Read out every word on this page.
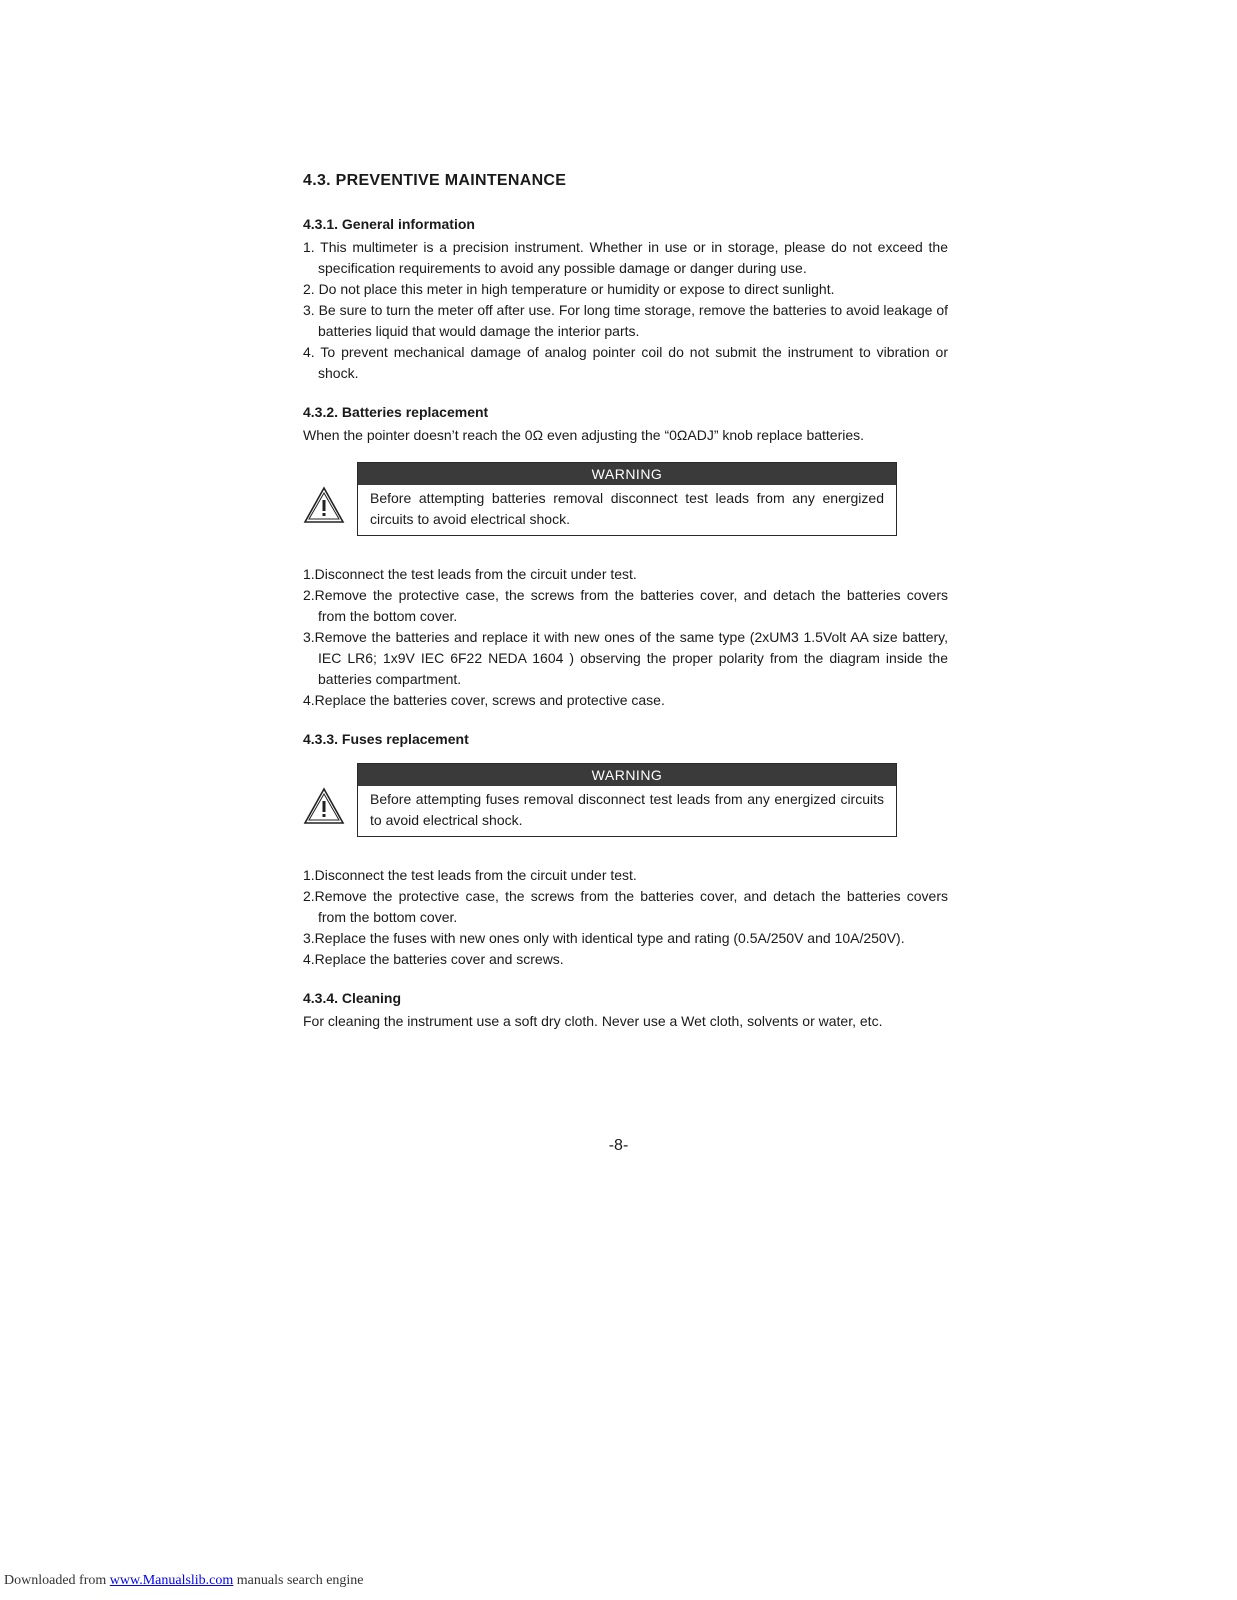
4.3. PREVENTIVE MAINTENANCE
4.3.1. General information
1. This multimeter is a precision instrument. Whether in use or in storage, please do not exceed the specification requirements to avoid any possible damage or danger during use.
2. Do not place this meter in high temperature or humidity or expose to direct sunlight.
3. Be sure to turn the meter off after use. For long time storage, remove the batteries to avoid leakage of batteries liquid that would damage the interior parts.
4. To prevent mechanical damage of analog pointer coil do not submit the instrument to vibration or shock.
4.3.2. Batteries replacement

When the pointer doesn’t reach the 0Ω even adjusting the “0ΩADJ” knob replace batteries.

WARNING
Before attempting batteries removal disconnect test leads from any energized circuits to avoid electrical shock.
1.Disconnect the test leads from the circuit under test.
2.Remove the protective case, the screws from the batteries cover, and detach the batteries covers from the bottom cover.
3.Remove the batteries and replace it with new ones of the same type (2xUM3 1.5Volt AA size battery, IEC LR6; 1x9V IEC 6F22 NEDA 1604 ) observing the proper polarity from the diagram inside the batteries compartment.
4.Replace the batteries cover, screws and protective case.
4.3.3. Fuses replacement
WARNING
Before attempting fuses removal disconnect test leads from any energized circuits to avoid electrical shock.
1.Disconnect the test leads from the circuit under test.
2.Remove the protective case, the screws from the batteries cover, and detach the batteries covers from the bottom cover.
3.Replace the fuses with new ones only with identical type and rating (0.5A/250V and 10A/250V).
4.Replace the batteries cover and screws.
4.3.4. Cleaning

For cleaning the instrument use a soft dry cloth. Never use a Wet cloth, solvents or water, etc.

-8-
Downloaded from www.Manualslib.com manuals search engine
